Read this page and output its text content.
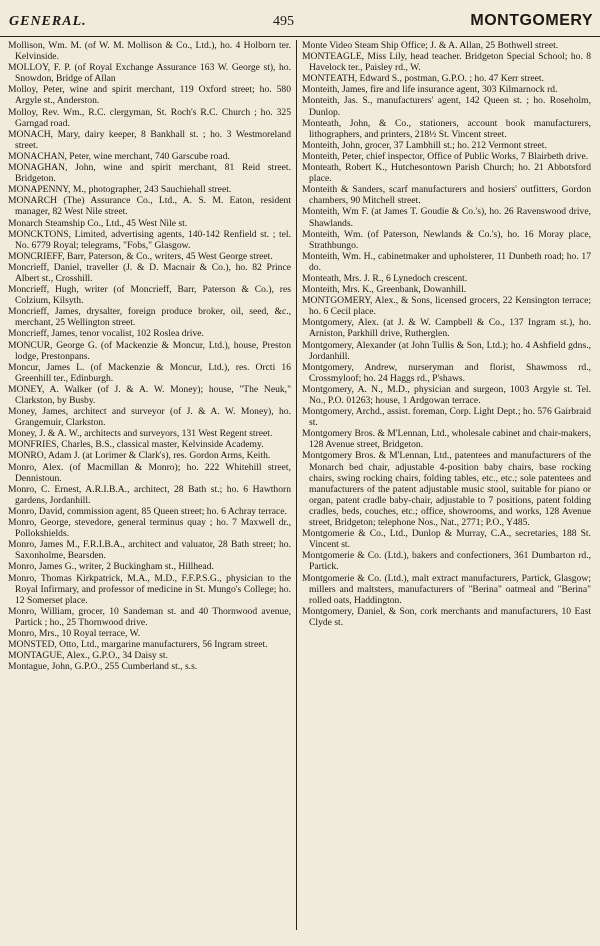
GENERAL.	495	MONTGOMERY
Mollison, Wm. M. (of W. M. Mollison & Co., Ltd.), ho. 4 Holborn ter. Kelvinside.
MOLLOY, F. P. (of Royal Exchange Assurance 163 W. George st), ho. Snowdon, Bridge of Allan
Molloy, Peter, wine and spirit merchant, 119 Oxford street; ho. 580 Argyle st., Anderston.
Molloy, Rev. Wm., R.C. clergyman, St. Roch's R.C. Church ; ho. 325 Garngad road.
MONACH, Mary, dairy keeper, 8 Bankhall st. ; ho. 3 Westmoreland street.
MONACHAN, Peter, wine merchant, 740 Garscube road.
MONAGHAN, John, wine and spirit merchant, 81 Reid street. Bridgeton.
MONAPENNY, M., photographer, 243 Sauchiehall street.
MONARCH (The) Assurance Co., Ltd., A. S. M. Eaton, resident manager, 82 West Nile street.
Monarch Steamship Co., Ltd., 45 West Nile st.
MONCKTONS, Limited, advertising agents, 140-142 Renfield st. ; tel. No. 6779 Royal; telegrams, "Fobs," Glasgow.
MONCRIEFF, Barr, Paterson, & Co., writers, 45 West George street.
Moncrieff, Daniel, traveller (J. & D. Macnair & Co.), ho. 82 Prince Albert st., Crosshill.
Moncrieff, Hugh, writer (of Moncrieff, Barr, Paterson & Co.), res Colzium, Kilsyth.
Moncrieff, James, drysalter, foreign produce broker, oil, seed, &c., merchant, 25 Wellington street.
Moncrieff, James, tenor vocalist, 102 Roslea drive.
MONCUR, George G. (of Mackenzie & Moncur, Ltd.), house, Preston lodge, Prestonpans.
Moncur, James L. (of Mackenzie & Moncur, Ltd.), res. Orcti 16 Greenhill ter., Edinburgh.
MONEY, A. Walker (of J. & A. W. Money); house, "The Neuk," Clarkston, by Busby.
Money, James, architect and surveyor (of J. & A. W. Money), ho. Grangemuir, Clarkston.
Money, J. & A. W., architects and surveyors, 131 West Regent street.
MONFRIES, Charles, B.S., classical master, Kelvinside Academy.
MONRO, Adam J. (at Lorimer & Clark's), res. Gordon Arms, Keith.
Monro, Alex. (of Macmillan & Monro); ho. 222 Whitehill street, Dennistoun.
Monro, C. Ernest, A.R.I.B.A., architect, 28 Bath st.; ho. 6 Hawthorn gardens, Jordanhill.
Monro, David, commission agent, 85 Queen street; ho. 6 Achray terrace.
Monro, George, stevedore, general terminus quay ; ho. 7 Maxwell dr., Pollokshields.
Monro, James M., F.R.I.B.A., architect and valuator, 28 Bath street; ho. Saxonholme, Bearsden.
Monro, James G., writer, 2 Buckingham st., Hillhead.
Monro, Thomas Kirkpatrick, M.A., M.D., F.F.P.S.G., physician to the Royal Infirmary, and professor of medicine in St. Mungo's College; ho. 12 Somerset place.
Monro, William, grocer, 10 Sandeman st. and 40 Thornwood avenue, Partick ; ho., 25 Thornwood drive.
Monro, Mrs., 10 Royal terrace, W.
MONSTED, Otto, Ltd., margarine manufacturers, 56 Ingram street.
MONTAGUE, Alex., G.P.O., 34 Daisy st.
Montague, John, G.P.O., 255 Cumberland st., s.s.
Monte Video Steam Ship Office; J. & A. Allan, 25 Bothwell street.
MONTEAGLE, Miss Lily, head teacher. Bridgeton Special School; ho. 8 Havelock ter., Paisley rd., W.
MONTEATH, Edward S., postman, G.P.O. ; ho. 47 Kerr street.
Monteith, James, fire and life insurance agent, 303 Kilmarnock rd.
Monteith, Jas. S., manufacturers' agent, 142 Queen st. ; ho. Roseholm, Dunlop.
Monteath, John, & Co., stationers, account book manufacturers, lithographers, and printers, 218½ St. Vincent street.
Monteith, John, grocer, 37 Lambhill st.; ho. 212 Vermont street.
Monteith, Peter, chief inspector, Office of Public Works, 7 Blairbeth drive.
Monteath, Robert K., Hutchesontown Parish Church; ho. 21 Abbotsford place.
Monteith & Sanders, scarf manufacturers and hosiers' outfitters, Gordon chambers, 90 Mitchell street.
Monteith, Wm F. (at James T. Goudie & Co.'s), ho. 26 Ravenswood drive, Shawlands.
Monteith, Wm. (of Paterson, Newlands & Co.'s), ho. 16 Moray place, Strathbungo.
Monteith, Wm. H., cabinetmaker and upholsterer, 11 Dunbeth road; ho. 17 do.
Monteath, Mrs. J. R., 6 Lynedoch crescent.
Monteith, Mrs. K., Greenbank, Dowanhill.
MONTGOMERY, Alex., & Sons, licensed grocers, 22 Kensington terrace; ho. 6 Cecil place.
Montgomery, Alex. (at J. & W. Campbell & Co., 137 Ingram st.), ho. Arniston, Parkhill drive, Rutherglen.
Montgomery, Alexander (at John Tullis & Son, Ltd.); ho. 4 Ashfield gdns., Jordanhill.
Montgomery, Andrew, nurseryman and florist, Shawmoss rd., Crossmyloof; ho. 24 Haggs rd., P'shaws.
Montgomery, A. N., M.D., physician and surgeon, 1003 Argyle st. Tel. No., P.O. 01263; house, 1 Ardgowan terrace.
Montgomery, Archd., assist. foreman, Corp. Light Dept.; ho. 576 Gairbraid st.
Montgomery Bros. & M'Lennan, Ltd., wholesale cabinet and chair-makers, 128 Avenue street, Bridgeton.
Montgomery Bros. & M'Lennan, Ltd., patentees and manufacturers of the Monarch bed chair, adjustable 4-position baby chairs, base rocking chairs, swing rocking chairs, folding tables, etc., etc.; sole patentees and manufacturers of the patent adjustable music stool, suitable for piano or organ, patent cradle baby-chair, adjustable to 7 positions, patent folding cradles, beds, couches, etc.; office, showrooms, and works, 128 Avenue street, Bridgeton; telephone Nos., Nat., 2771; P.O., Y485.
Montgomerie & Co., Ltd., Dunlop & Murray, C.A., secretaries, 188 St. Vincent st.
Montgomerie & Co. (Ltd.), bakers and confectioners, 361 Dumbarton rd., Partick.
Montgomerie & Co. (Ltd.), malt extract manufacturers, Partick, Glasgow; millers and maltsters, manufacturers of "Berina" oatmeal and "Berina" rolled oats, Haddington.
Montgomery, Daniel, & Son, cork merchants and manufacturers, 10 East Clyde st.
